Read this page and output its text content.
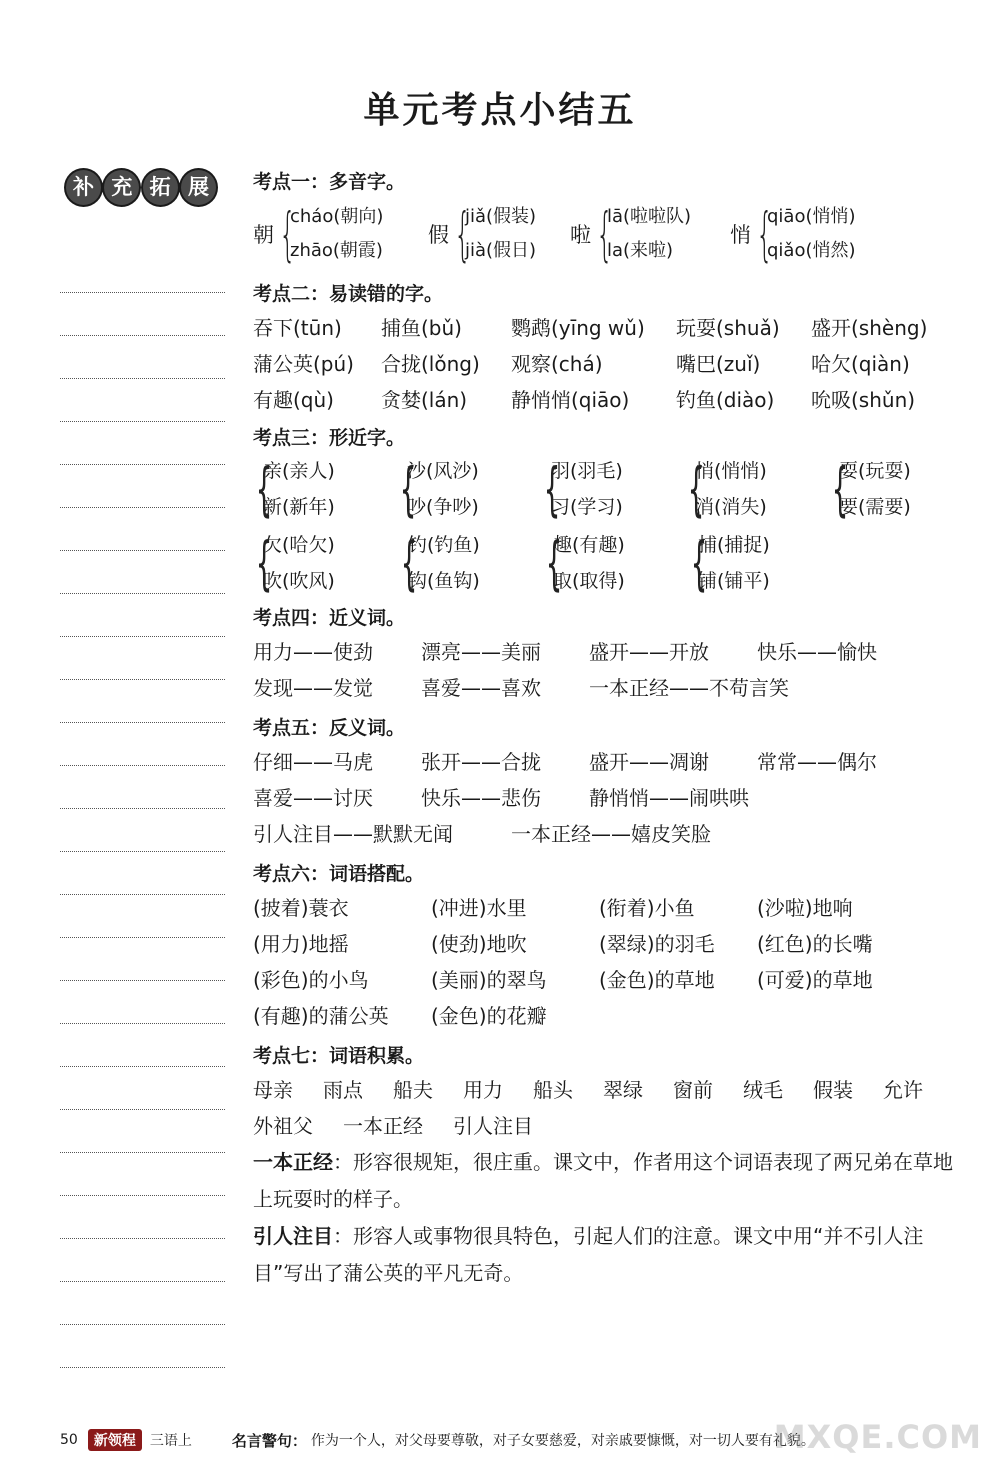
单元考点小结五
补 充 拓 展	考点一：多音字。
朝 {
cháo(朝向)
zhāo(朝霞)
假 {
jiǎ(假装)
jià(假日)
啦 {
lā(啦啦队)
la(来啦)
悄 {
qiāo(悄悄)
qiǎo(悄然)
考点二：易读错的字。
吞下(tūn)	捕鱼(bǔ)	鹦鹉(yīng wǔ)	玩耍(shuǎ)	盛开(shèng)
蒲公英(pú)	合拢(lǒng)	观察(chá)	嘴巴(zuǐ)	哈欠(qiàn)
有趣(qù)	贪婪(lán)	静悄悄(qiāo)	钓鱼(diào)	吮吸(shǔn)
考点三：形近字。
{
亲(亲人)
新(新年) {
沙(风沙)
吵(争吵) {
羽(羽毛)
习(学习) {
悄(悄悄)
消(消失) {
耍(玩耍)
要(需要)
{
欠(哈欠)
吹(吹风) {
钓(钓鱼)
钩(鱼钩) {
趣(有趣)
取(取得) {
捕(捕捉)
铺(铺平)
考点四：近义词。
用力——使劲	漂亮——美丽	盛开——开放	快乐——愉快
发现——发觉	喜爱——喜欢	一本正经——不苟言笑
考点五：反义词。
仔细——马虎	张开——合拢	盛开——凋谢	常常——偶尔
喜爱——讨厌	快乐——悲伤	静悄悄——闹哄哄
引人注目——默默无闻	一本正经——嬉皮笑脸
考点六：词语搭配。
(披着)蓑衣	(冲进)水里	(衔着)小鱼	(沙啦)地响
(用力)地摇	(使劲)地吹	(翠绿)的羽毛	(红色)的长嘴
(彩色)的小鸟	(美丽)的翠鸟	(金色)的草地	(可爱)的草地
(有趣)的蒲公英	(金色)的花瓣
考点七：词语积累。
母亲	雨点	船夫	用力	船头	翠绿	窗前	绒毛	假装	允许
外祖父	一本正经	引人注目
一本正经：形容很规矩，很庄重。课文中，作者用这个词语表现了两兄弟在草地上玩耍时的样子。
引人注目：形容人或事物很具特色，引起人们的注意。课文中用“并不引人注目”写出了蒲公英的平凡无奇。
50	新领程	三语上	名言警句： 作为一个人，对父母要尊敬，对子女要慈爱，对亲戚要慷慨，对一切人要有礼貌。
MXQE.COM
